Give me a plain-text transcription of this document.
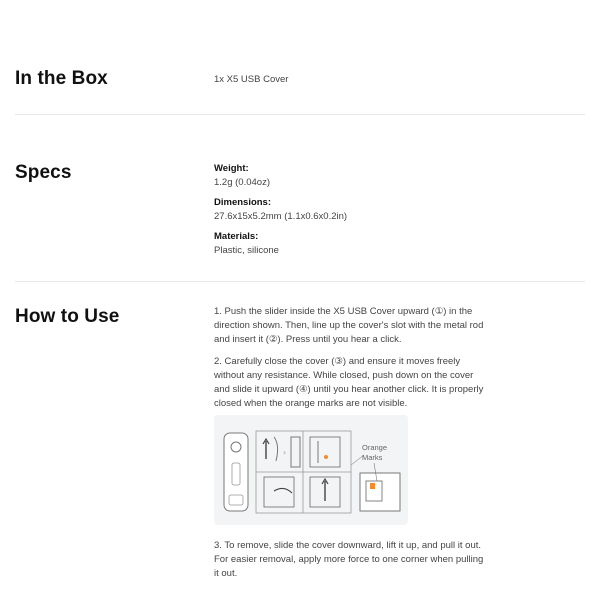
In the Box	1x X5 USB Cover
Specs	Weight:
1.2g (0.04oz)
Dimensions:
27.6x15x5.2mm (1.1x0.6x0.2in)
Materials:
Plastic, silicone
How to Use	1. Push the slider inside the X5 USB Cover upward (①) in the direction shown. Then, line up the cover's slot with the metal rod and insert it (②). Press until you hear a click.
2. Carefully close the cover (③) and ensure it moves freely without any resistance. While closed, push down on the cover and slide it upward (④) until you hear another click. It is properly closed when the orange marks are not visible.
›
Orange
Marks
3. To remove, slide the cover downward, lift it up, and pull it out. For easier removal, apply more force to one corner when pulling it out.
